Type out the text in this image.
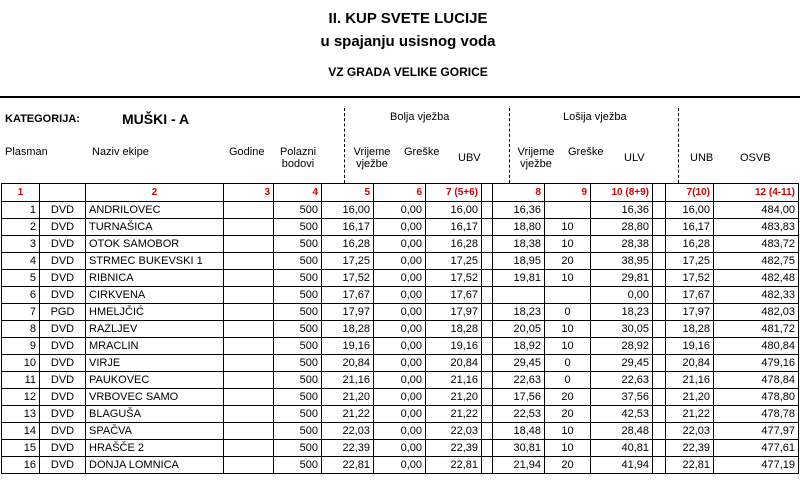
II. KUP SVETE LUCIJE
u spajanju usisnog voda
VZ GRADA VELIKE GORICE
KATEGORIJA:	MUŠKI - A	Bolja vježba	Lošija vježba
Plasman	Naziv ekipe	Godine	Polazni
bodovi
Vrijeme
vježbe
Greške UBV	Vrijeme
vježbe
Greške ULV	UNB OSVB
1		2	3	4	5	6	7 (5+6)		8	9	10 (8+9)		7(10)	12 (4-11)
1	DVD	ANDRILOVEC		500	16,00	0,00	16,00		16,36		16,36		16,00	484,00
2	DVD	TURNAŠICA		500	16,17	0,00	16,17		18,80	10	28,80		16,17	483,83
3	DVD	OTOK SAMOBOR		500	16,28	0,00	16,28		18,38	10	28,38		16,28	483,72
4	DVD	STRMEC BUKEVSKI 1		500	17,25	0,00	17,25		18,95	20	38,95		17,25	482,75
5	DVD	RIBNICA		500	17,52	0,00	17,52		19,81	10	29,81		17,52	482,48
6	DVD	CIRKVENA		500	17,67	0,00	17,67				0,00		17,67	482,33
7	PGD	HMELJČIĆ		500	17,97	0,00	17,97		18,23	0	18,23		17,97	482,03
8	DVD	RAZLJEV		500	18,28	0,00	18,28		20,05	10	30,05		18,28	481,72
9	DVD	MRACLIN		500	19,16	0,00	19,16		18,92	10	28,92		19,16	480,84
10	DVD	VIRJE		500	20,84	0,00	20,84		29,45	0	29,45		20,84	479,16
11	DVD	PAUKOVEC		500	21,16	0,00	21,16		22,63	0	22,63		21,16	478,84
12	DVD	VRBOVEC SAMO		500	21,20	0,00	21,20		17,56	20	37,56		21,20	478,80
13	DVD	BLAGUŠA		500	21,22	0,00	21,22		22,53	20	42,53		21,22	478,78
14	DVD	SPAČVA		500	22,03	0,00	22,03		18,48	10	28,48		22,03	477,97
15	DVD	HRAŠČE 2		500	22,39	0,00	22,39		30,81	10	40,81		22,39	477,61
16	DVD	DONJA LOMNICA		500	22,81	0,00	22,81		21,94	20	41,94		22,81	477,19
